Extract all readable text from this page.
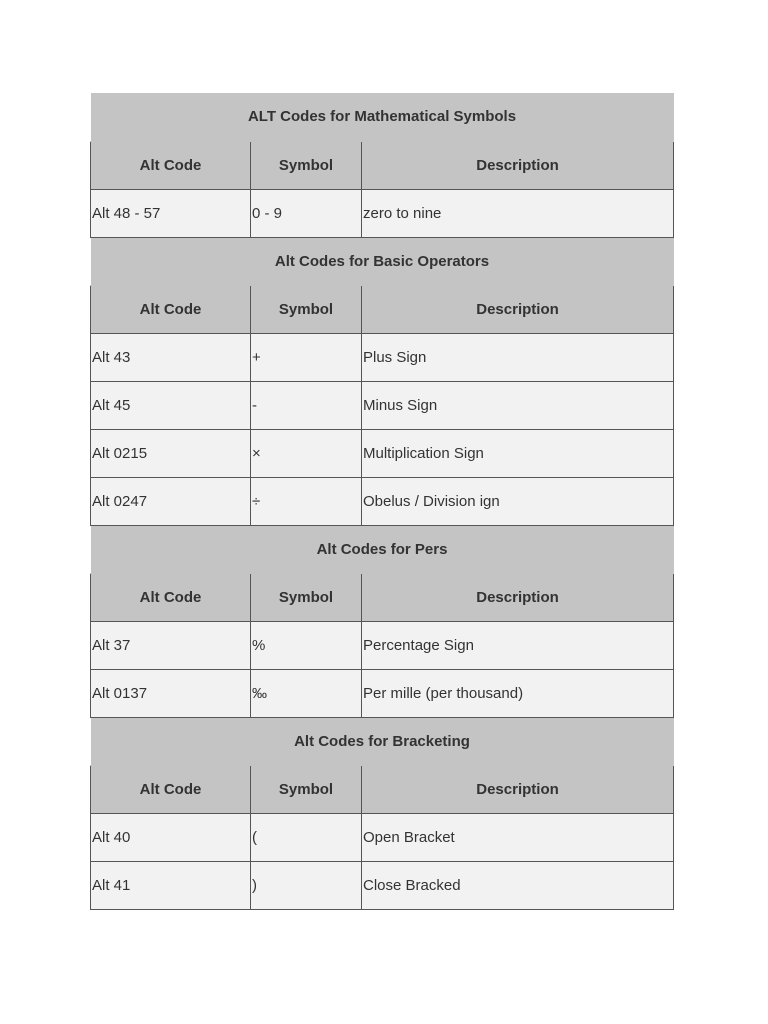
ALT Codes for Mathematical Symbols		
Alt Code	Symbol	Description
Alt 48 - 57	0 - 9	zero to nine
Alt Codes for Basic Operators		
Alt Code	Symbol	Description
Alt 43	+	Plus Sign
Alt 45	-	Minus Sign
Alt 0215	×	Multiplication Sign
Alt 0247	÷	Obelus / Division ign
Alt Codes for Pers		
Alt Code	Symbol	Description
Alt 37	%	Percentage Sign
Alt 0137	‰	Per mille (per thousand)
Alt Codes for Bracketing		
Alt Code	Symbol	Description
Alt 40	(	Open Bracket
Alt 41	)	Close Bracked
